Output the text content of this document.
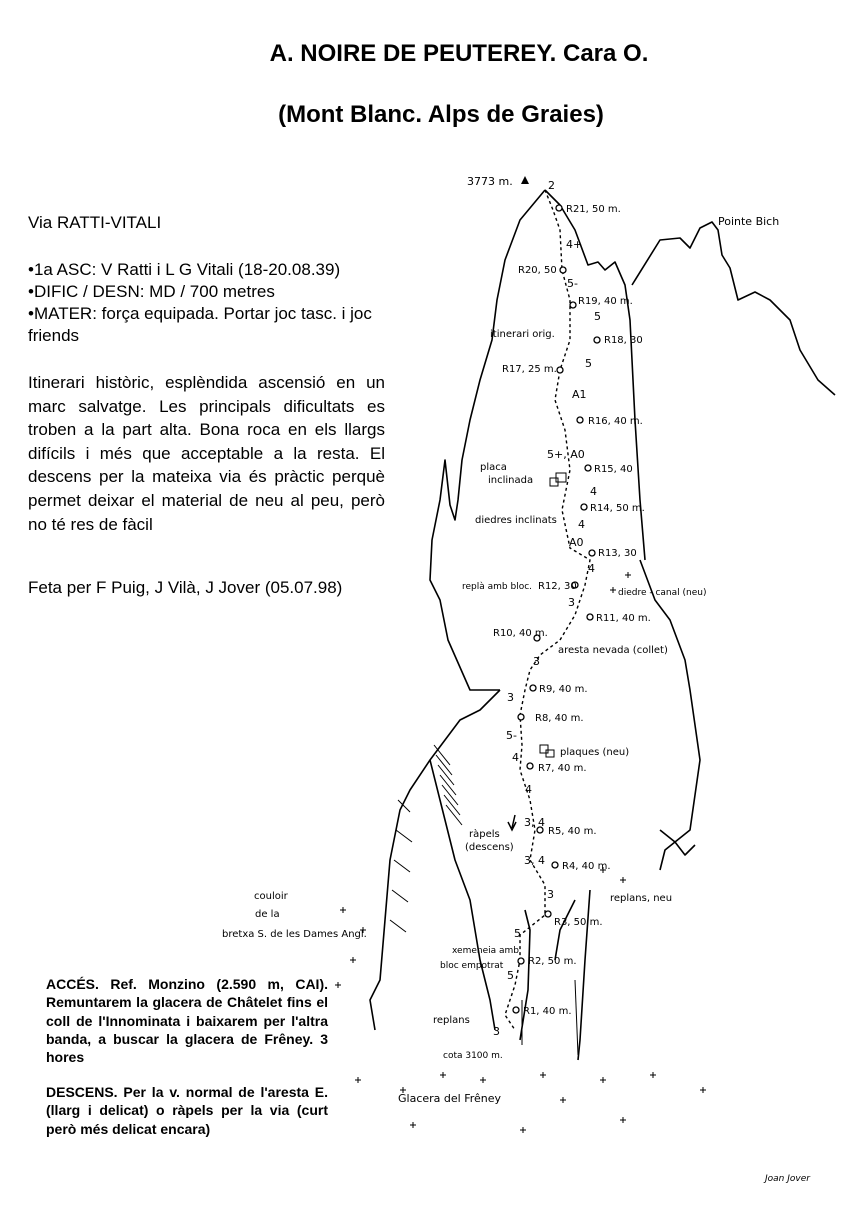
A. NOIRE DE PEUTEREY. Cara O.
(Mont Blanc. Alps de Graies)
Via RATTI-VITALI
•1a ASC: V Ratti i L G Vitali (18-20.08.39)
•DIFIC / DESN: MD / 700 metres
•MATER: força equipada. Portar joc tasc. i joc friends
Itinerari històric, esplèndida ascensió en un marc salvatge. Les principals dificultats es troben a la part alta. Bona roca en els llargs difícils i més que acceptable a la resta. El descens per la mateixa via és pràctic perquè permet deixar el material de neu al peu, però no té res de fàcil
Feta per F Puig, J Vilà, J Jover (05.07.98)
ACCÉS. Ref. Monzino (2.590 m, CAI). Remuntarem la glacera de Châtelet fins el coll de l'Innominata i baixarem per l'altra banda, a buscar la glacera de Frêney. 3 hores
DESCENS. Per la v. normal de l'aresta E. (llarg i delicat) o ràpels per la via (curt però més delicat encara)
3773 m.
Pointe Bich
R21, 50 m.
R20, 50
R19, 40 m.
R18, 30
R17, 25 m.
R16, 40 m.
R15, 40
R14, 50 m.
R13, 30
replà amb bloc. R12, 30
R11, 40 m.
R10, 40 m.
R9, 40 m.
R8, 40 m.
R7, 40 m.
R5, 40 m.
R4, 40 m.
R3, 50 m.
R2, 50 m.
R1, 40 m.
2
4+
5-
5
5
A1
5+, A0
4
4
A0
4
3
3
3
5-
4
4
3, 4
3, 4
3
5
5
3
itinerari orig.
placa
inclinada
diedres inclinats
diedre - canal (neu)
aresta nevada (collet)
plaques (neu)
ràpels
(descens)
replans, neu
couloir
de la
bretxa S. de les Dames Angl.
xemeneia amb
bloc empotrat
replans
cota 3100 m.
Glacera del Frêney
Joan Jover
